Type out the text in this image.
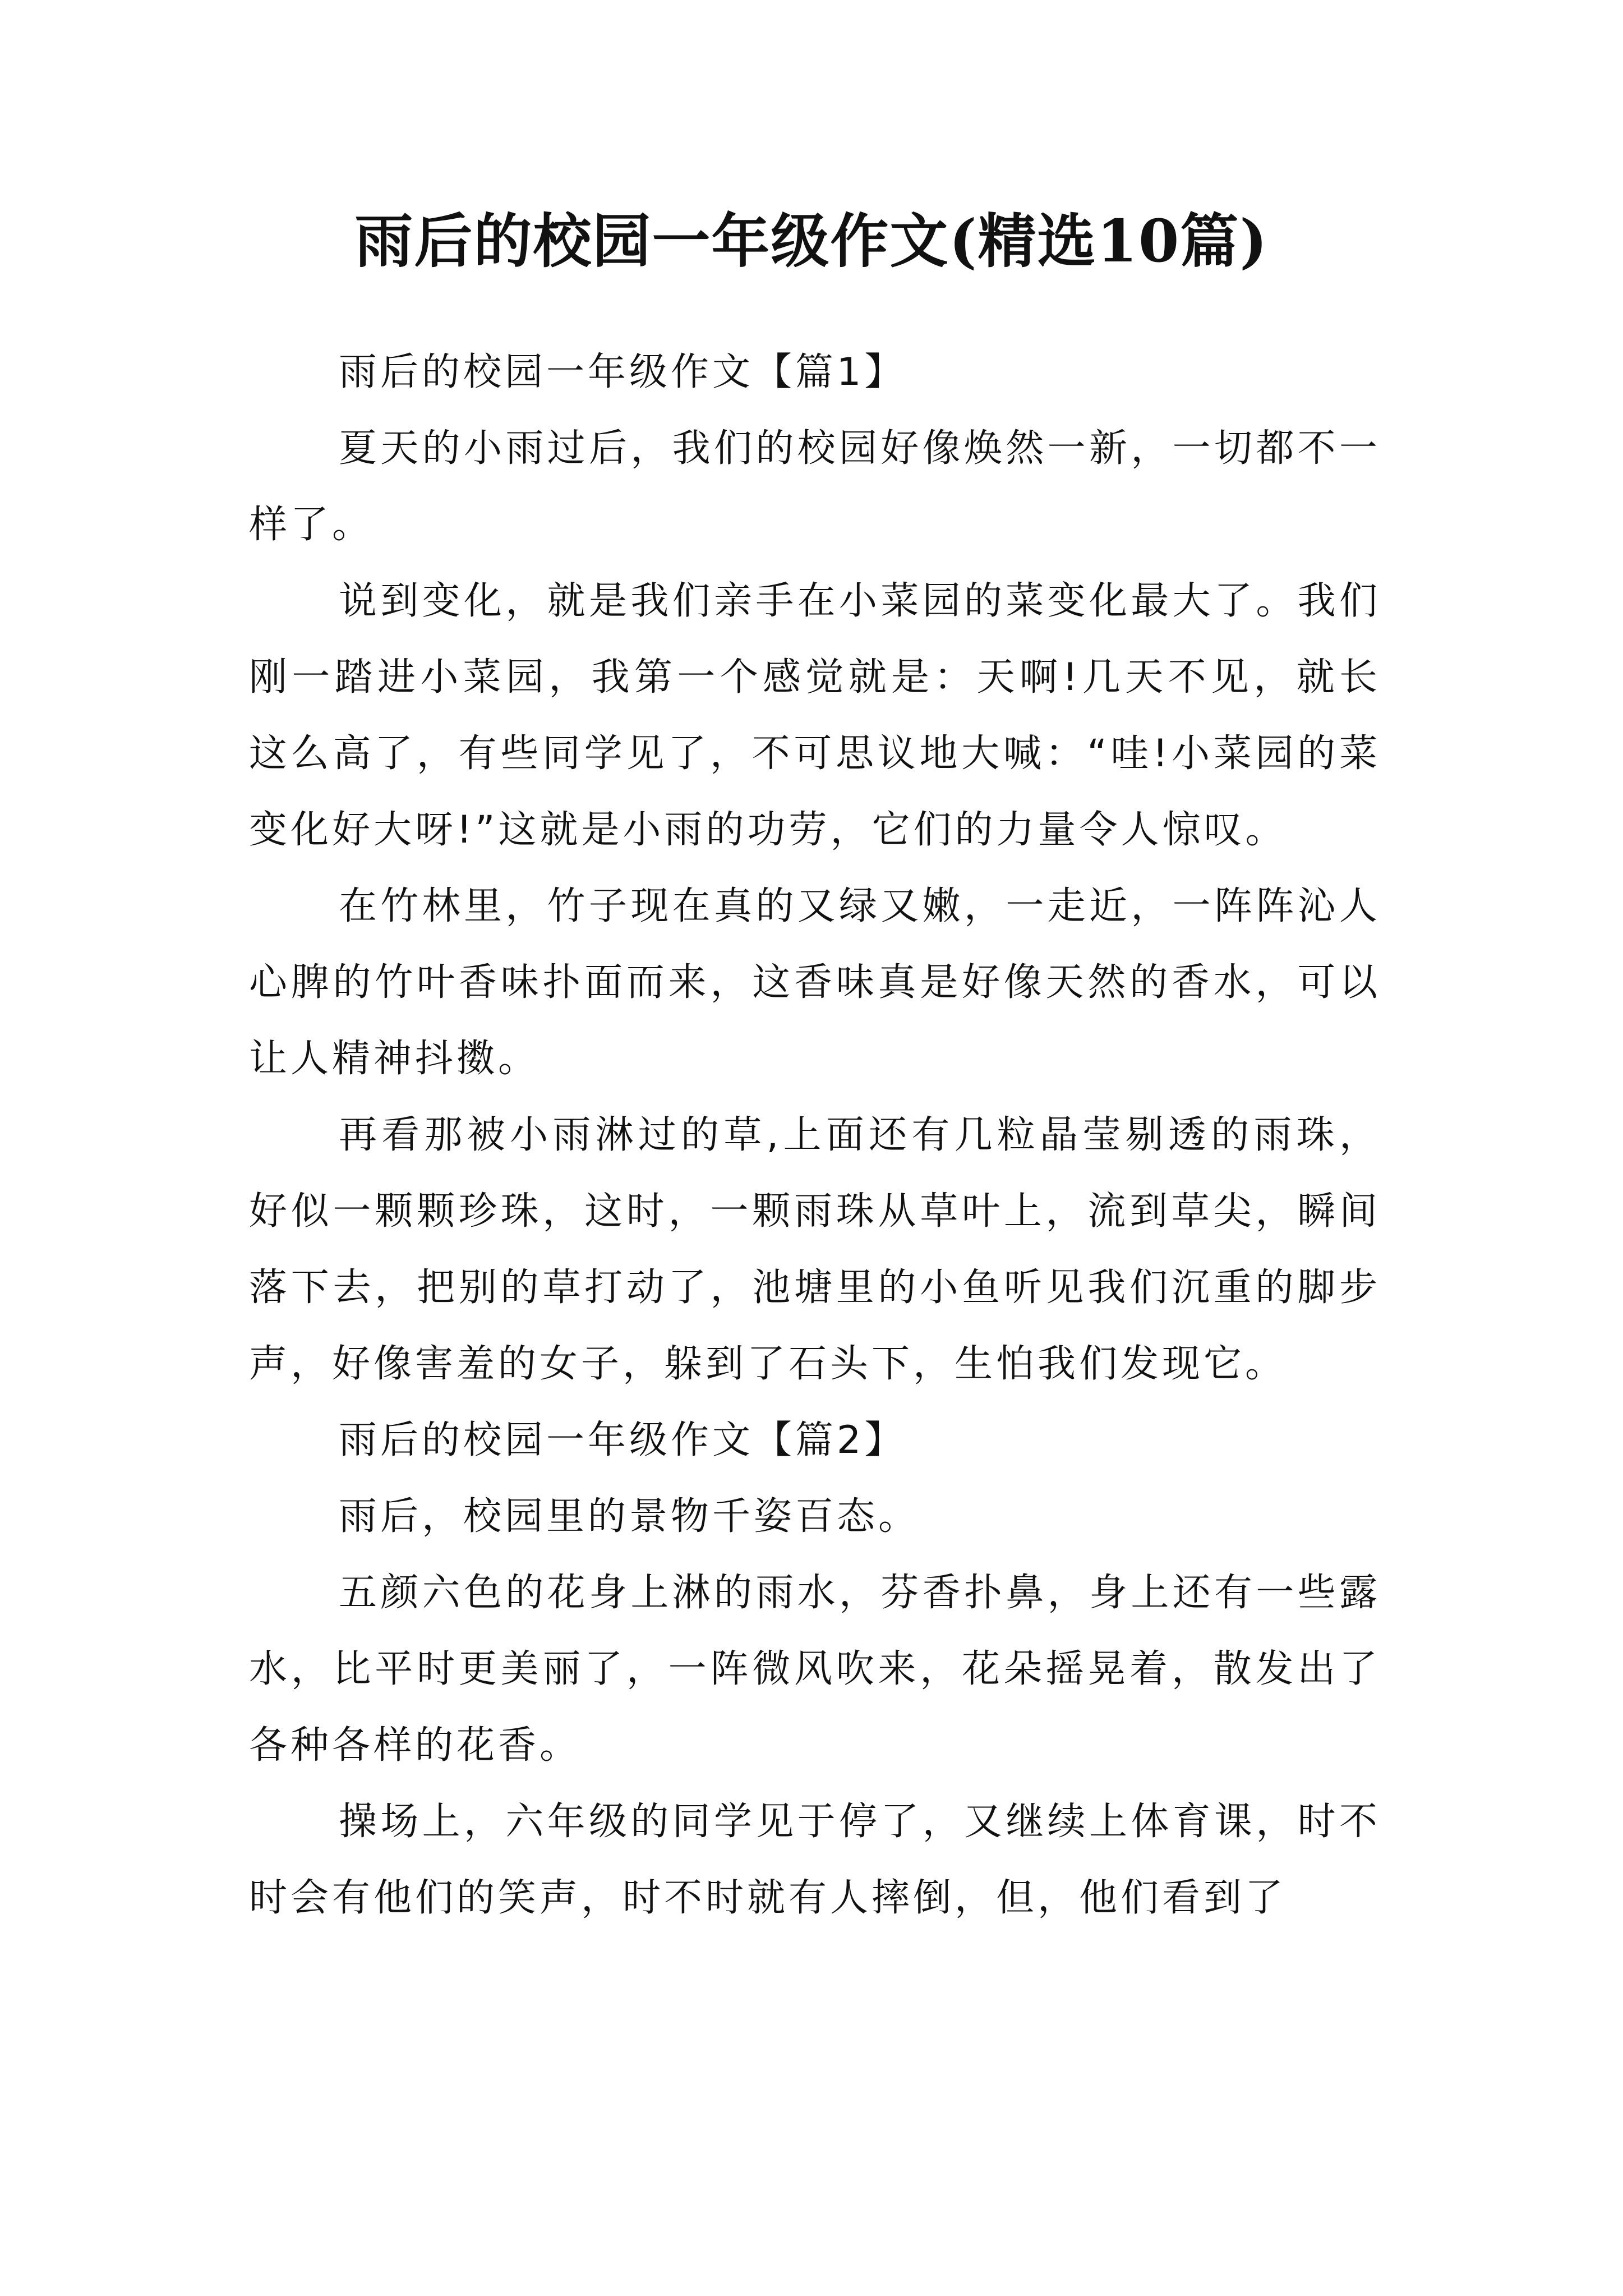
雨后的校园一年级作文(精选10篇)

雨后的校园一年级作文【篇1】

夏天的小雨过后，我们的校园好像焕然一新，一切都不一样了。

说到变化，就是我们亲手在小菜园的菜变化最大了。我们刚一踏进小菜园，我第一个感觉就是：天啊!几天不见，就长这么高了，有些同学见了，不可思议地大喊：“哇!小菜园的菜变化好大呀!”这就是小雨的功劳，它们的力量令人惊叹。

在竹林里，竹子现在真的又绿又嫩，一走近，一阵阵沁人心脾的竹叶香味扑面而来，这香味真是好像天然的香水，可以让人精神抖擞。

再看那被小雨淋过的草,上面还有几粒晶莹剔透的雨珠，好似一颗颗珍珠，这时，一颗雨珠从草叶上，流到草尖，瞬间落下去，把别的草打动了，池塘里的小鱼听见我们沉重的脚步声，好像害羞的女子，躲到了石头下，生怕我们发现它。

雨后的校园一年级作文【篇2】

雨后，校园里的景物千姿百态。

五颜六色的花身上淋的雨水，芬香扑鼻，身上还有一些露水，比平时更美丽了，一阵微风吹来，花朵摇晃着，散发出了各种各样的花香。

操场上，六年级的同学见于停了，又继续上体育课，时不时会有他们的笑声，时不时就有人摔倒，但，他们看到了
